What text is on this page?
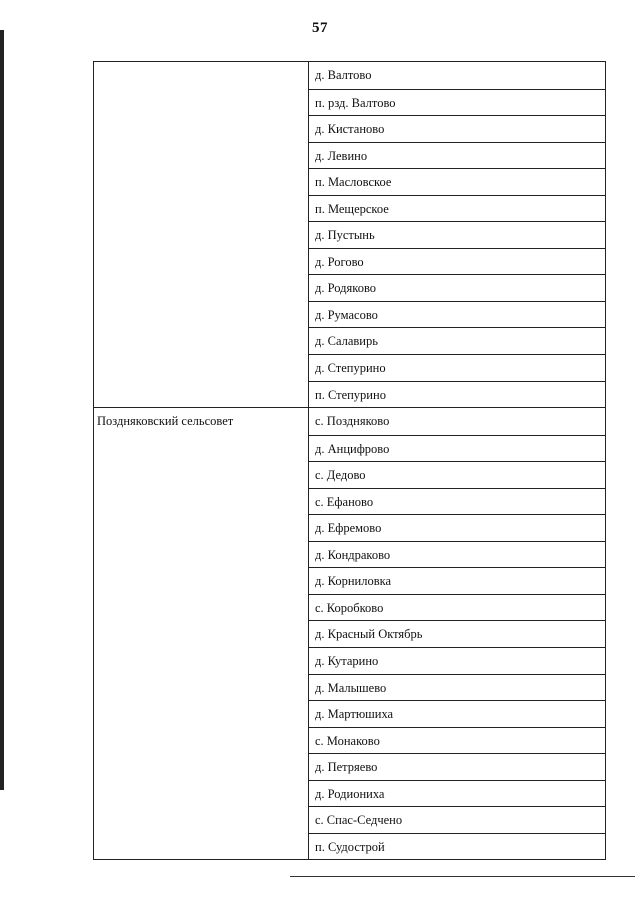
57
д. Валтово
п. рзд. Валтово
д. Кистаново
д. Левино
п. Масловское
п. Мещерское
д. Пустынь
д. Рогово
д. Родяково
д. Румасово
д. Салавирь
д. Степурино
п. Степурино
Поздняковский сельсовет	с. Поздняково
д. Анцифрово
с. Дедово
с. Ефаново
д. Ефремово
д. Кондраково
д. Корниловка
с. Коробково
д. Красный Октябрь
д. Кутарино
д. Малышево
д. Мартюшиха
с. Монаково
д. Петряево
д. Родиониха
с. Спас-Седчено
п. Судострой
